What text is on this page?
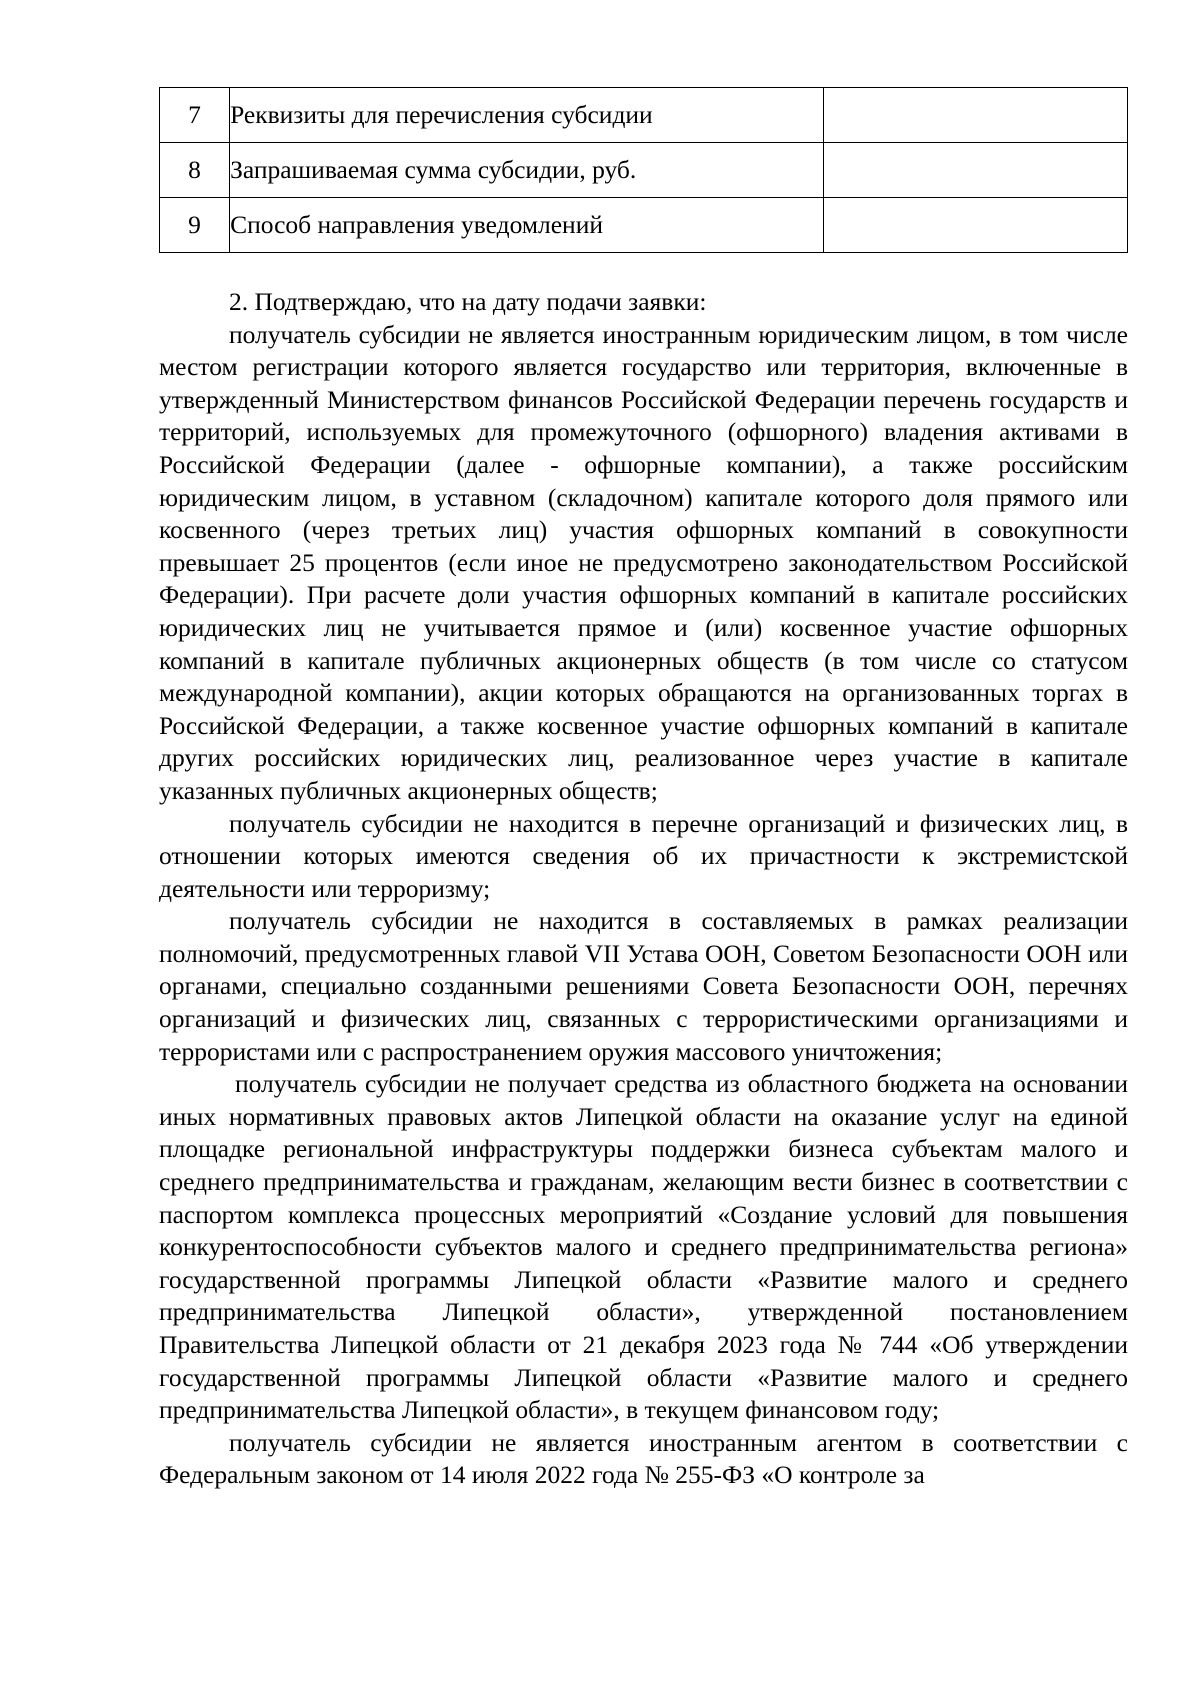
7	Реквизиты для перечисления субсидии	
8	Запрашиваемая сумма субсидии, руб.	
9	Способ направления уведомлений	

2. Подтверждаю, что на дату подачи заявки:

получатель субсидии не является иностранным юридическим лицом, в том числе местом регистрации которого является государство или территория, включенные в утвержденный Министерством финансов Российской Федерации перечень государств и территорий, используемых для промежуточного (офшорного) владения активами в Российской Федерации (далее - офшорные компании), а также российским юридическим лицом, в уставном (складочном) капитале которого доля прямого или косвенного (через третьих лиц) участия офшорных компаний в совокупности превышает 25 процентов (если иное не предусмотрено законодательством Российской Федерации). При расчете доли участия офшорных компаний в капитале российских юридических лиц не учитывается прямое и (или) косвенное участие офшорных компаний в капитале публичных акционерных обществ (в том числе со статусом международной компании), акции которых обращаются на организованных торгах в Российской Федерации, а также косвенное участие офшорных компаний в капитале других российских юридических лиц, реализованное через участие в капитале указанных публичных акционерных обществ;

получатель субсидии не находится в перечне организаций и физических лиц, в отношении которых имеются сведения об их причастности к экстремистской деятельности или терроризму;

получатель субсидии не находится в составляемых в рамках реализации полномочий, предусмотренных главой VII Устава ООН, Советом Безопасности ООН или органами, специально созданными решениями Совета Безопасности ООН, перечнях организаций и физических лиц, связанных с террористическими организациями и террористами или с распространением оружия массового уничтожения;

получатель субсидии не получает средства из областного бюджета на основании иных нормативных правовых актов Липецкой области на оказание услуг на единой площадке региональной инфраструктуры поддержки бизнеса субъектам малого и среднего предпринимательства и гражданам, желающим вести бизнес в соответствии с паспортом комплекса процессных мероприятий «Создание условий для повышения конкурентоспособности субъектов малого и среднего предпринимательства региона» государственной программы Липецкой области «Развитие малого и среднего предпринимательства Липецкой области», утвержденной постановлением Правительства Липецкой области от 21 декабря 2023 года № 744 «Об утверждении государственной программы Липецкой области «Развитие малого и среднего предпринимательства Липецкой области», в текущем финансовом году;

получатель субсидии не является иностранным агентом в соответствии с Федеральным законом от 14 июля 2022 года № 255-ФЗ «О контроле за
